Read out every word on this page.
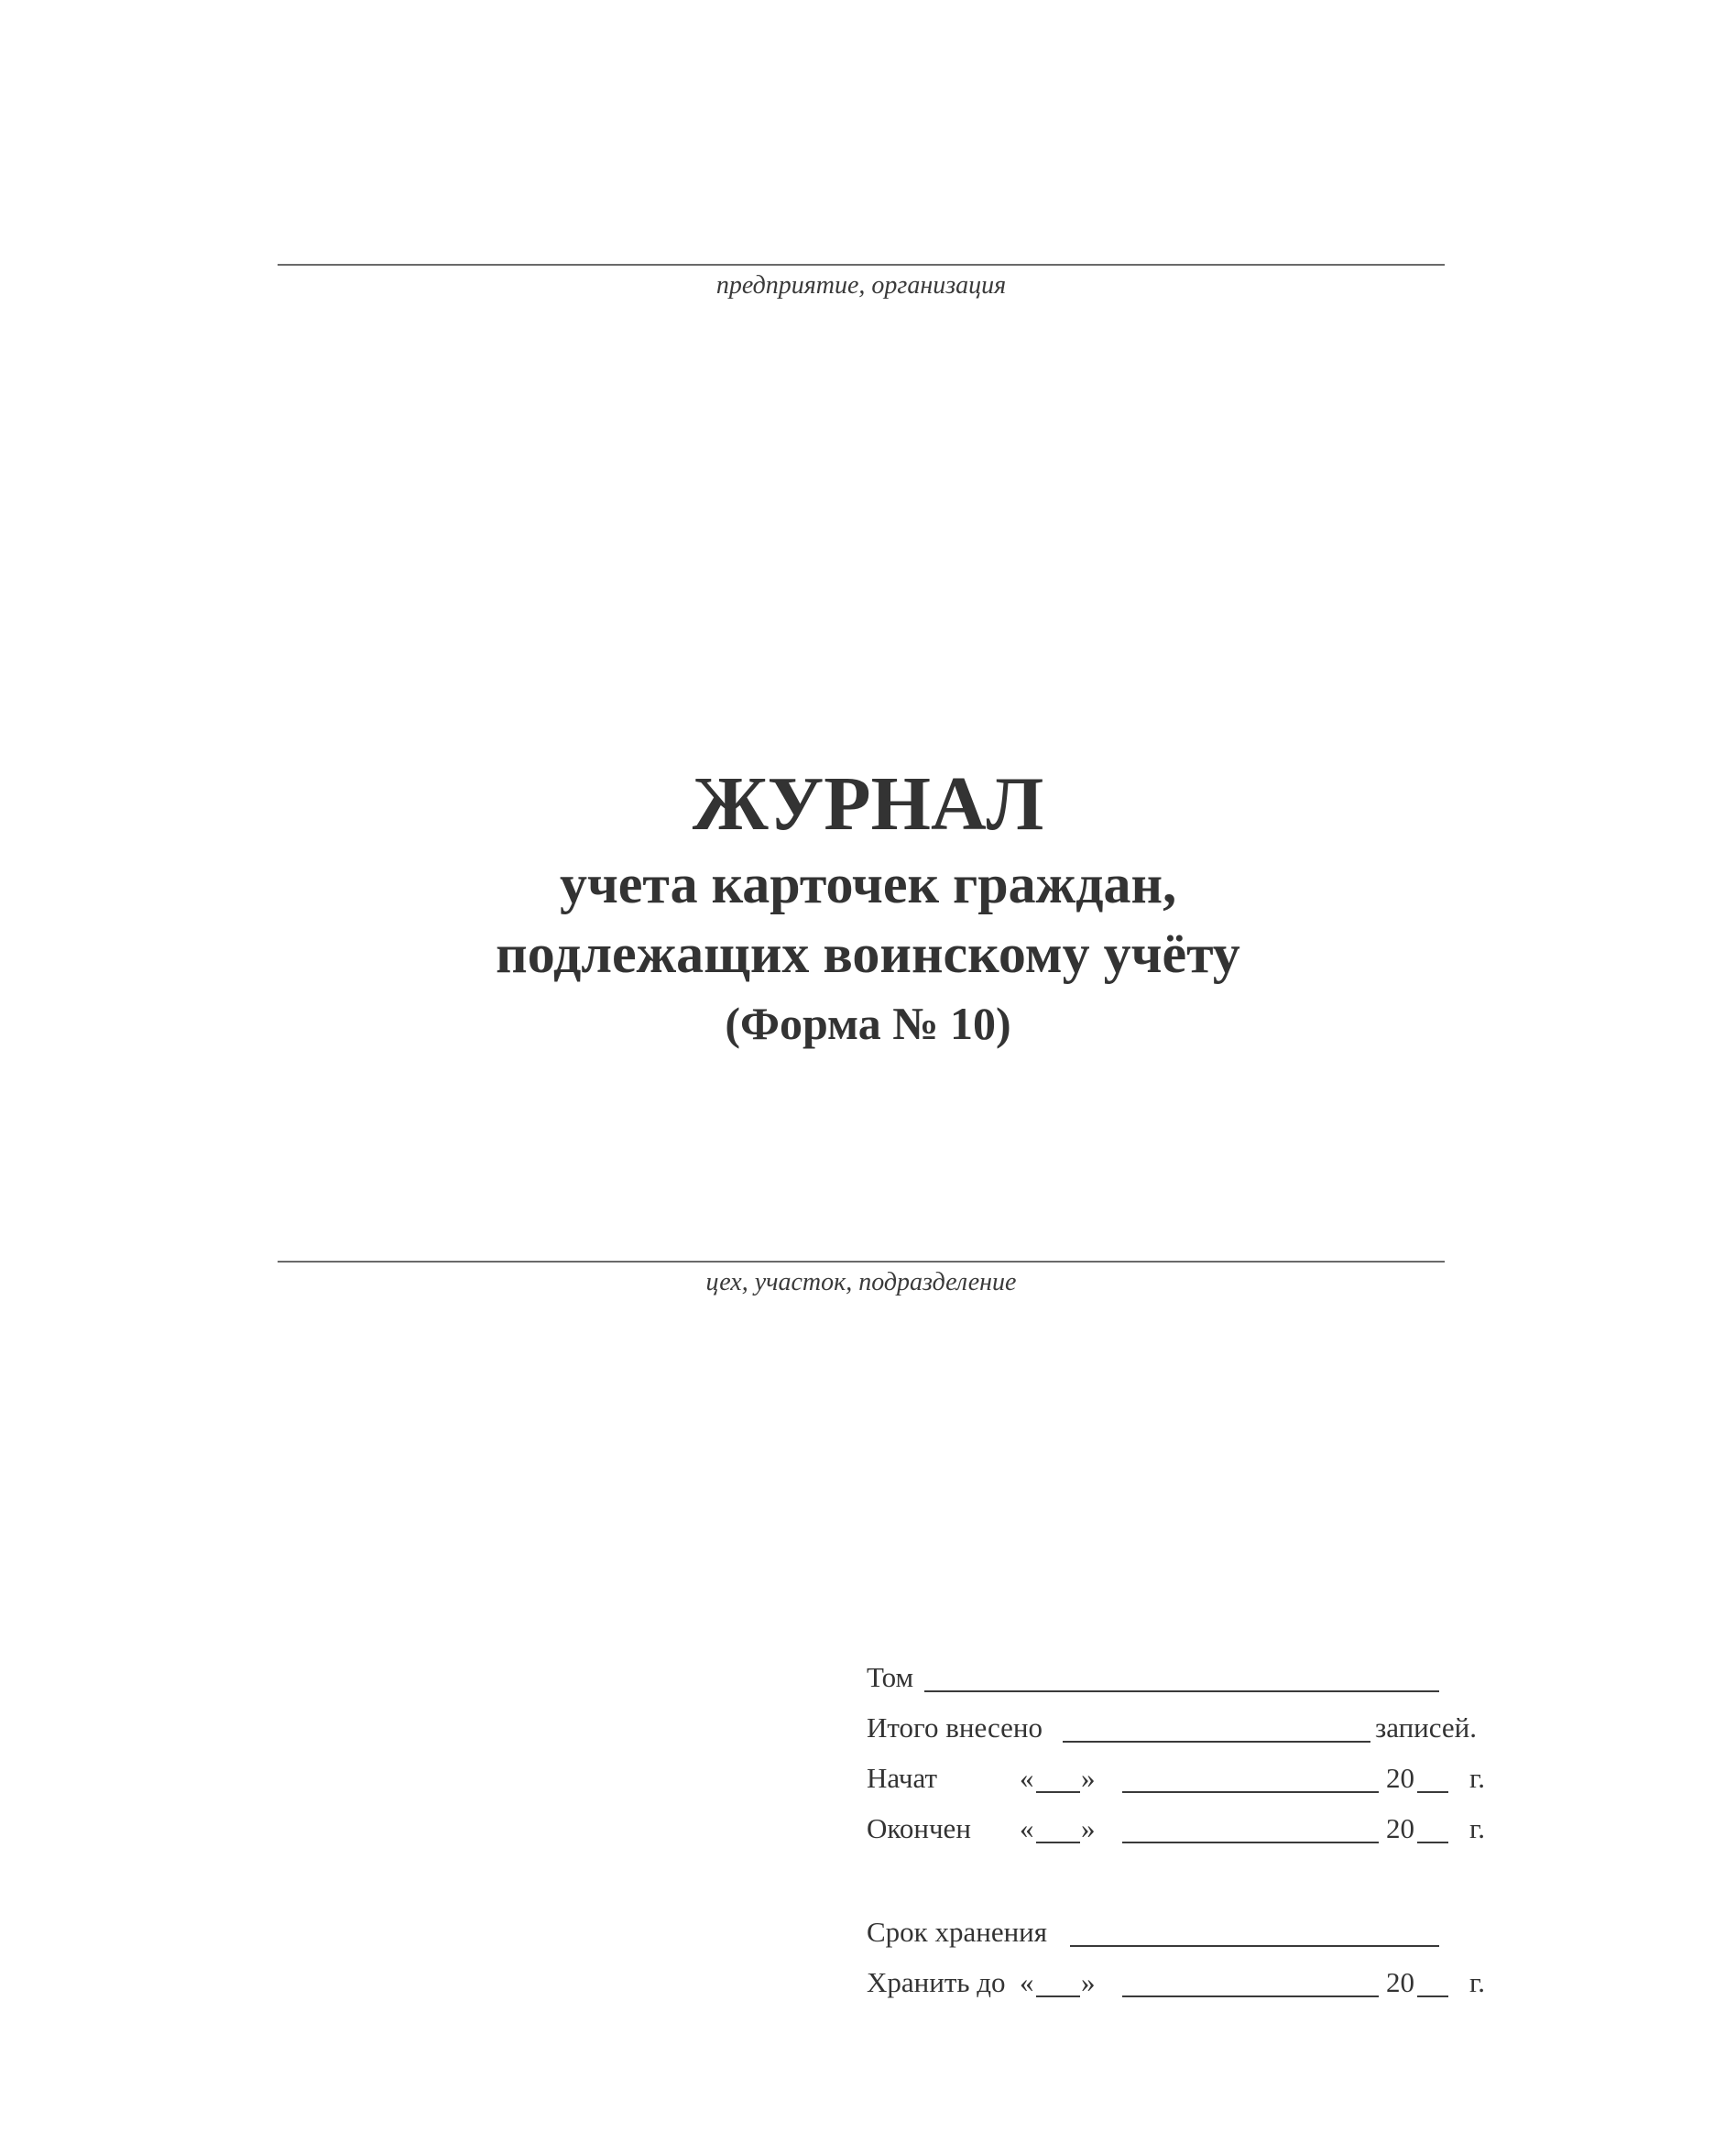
предприятие, организация
ЖУРНАЛ
учета карточек граждан,
подлежащих воинскому учёту
(Форма № 10)
цех, участок, подразделение
Том
Итого внесено	записей.
Начат	« »	20 г.
Окончен « »	20 г.
Срок хранения
Хранить до « »	20 г.
